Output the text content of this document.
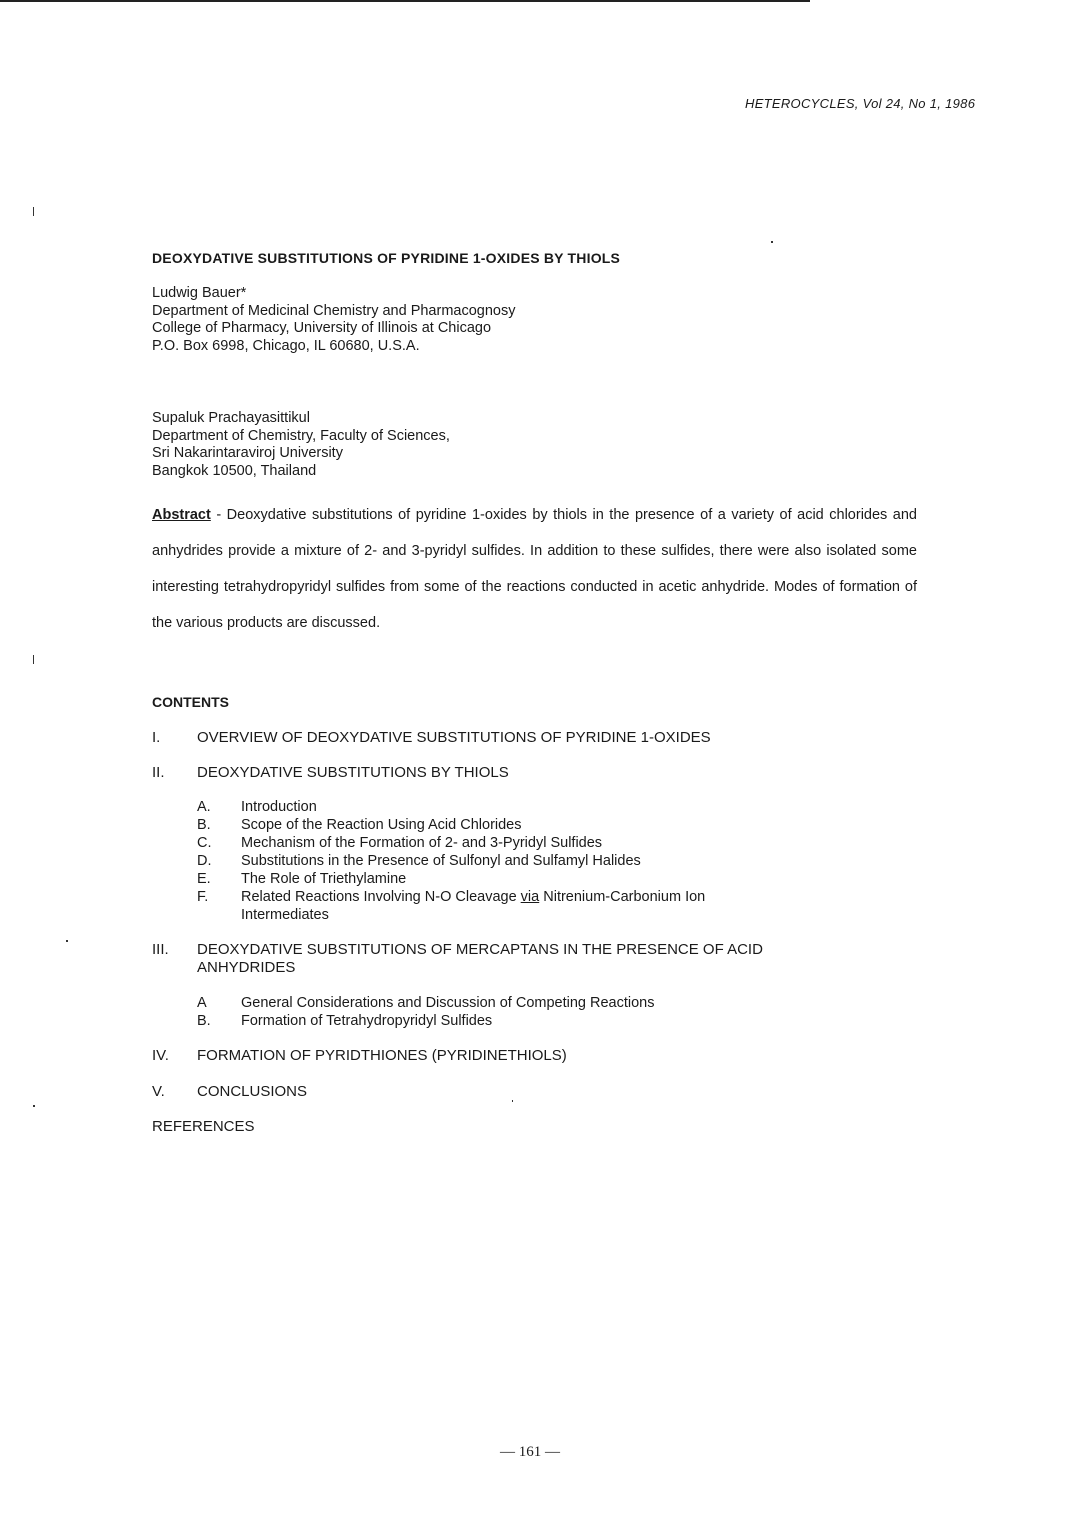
HETEROCYCLES, Vol 24, No 1, 1986
DEOXYDATIVE SUBSTITUTIONS OF PYRIDINE 1-OXIDES BY THIOLS
Ludwig Bauer*
Department of Medicinal Chemistry and Pharmacognosy
College of Pharmacy, University of Illinois at Chicago
P.O. Box 6998, Chicago, IL 60680, U.S.A.
Supaluk Prachayasittikul
Department of Chemistry, Faculty of Sciences,
Sri Nakarintaraviroj University
Bangkok 10500, Thailand
Abstract - Deoxydative substitutions of pyridine 1-oxides by thiols in the presence of a variety of acid chlorides and anhydrides provide a mixture of 2- and 3-pyridyl sulfides. In addition to these sulfides, there were also isolated some interesting tetrahydropyridyl sulfides from some of the reactions conducted in acetic anhydride. Modes of formation of the various products are discussed.
CONTENTS
I. OVERVIEW OF DEOXYDATIVE SUBSTITUTIONS OF PYRIDINE 1-OXIDES
II. DEOXYDATIVE SUBSTITUTIONS BY THIOLS
A. Introduction
B. Scope of the Reaction Using Acid Chlorides
C. Mechanism of the Formation of 2- and 3-Pyridyl Sulfides
D. Substitutions in the Presence of Sulfonyl and Sulfamyl Halides
E. The Role of Triethylamine
F. Related Reactions Involving N-O Cleavage via Nitrenium-Carbonium Ion
Intermediates
III. DEOXYDATIVE SUBSTITUTIONS OF MERCAPTANS IN THE PRESENCE OF ACID
ANHYDRIDES
A General Considerations and Discussion of Competing Reactions
B. Formation of Tetrahydropyridyl Sulfides
IV. FORMATION OF PYRIDTHIONES (PYRIDINETHIOLS)
V. CONCLUSIONS
REFERENCES
— 161 —
